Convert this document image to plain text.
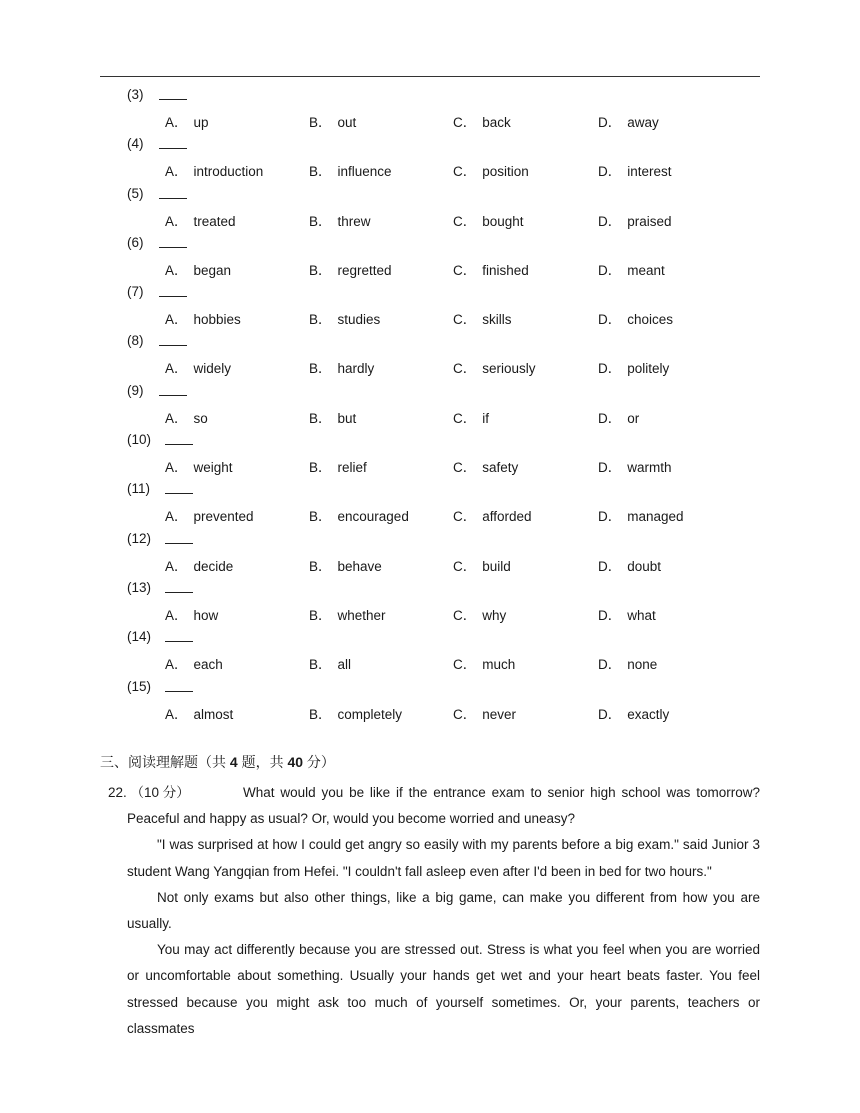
(3)
A． up	B． out	C． back	D． away
(4)
A． introduction	B． influence	C． position	D． interest
(5)
A． treated	B． threw	C． bought	D． praised
(6)
A． began	B． regretted	C． finished	D． meant
(7)
A． hobbies	B． studies	C． skills	D． choices
(8)
A． widely	B． hardly	C． seriously	D． politely
(9)
A． so	B． but	C． if	D． or
(10)
A． weight	B． relief	C． safety	D． warmth
(11)
A． prevented	B． encouraged	C． afforded	D． managed
(12)
A． decide	B． behave	C． build	D． doubt
(13)
A． how	B． whether	C． why	D． what
(14)
A． each	B． all	C． much	D． none
(15)
A． almost	B． completely	C． never	D． exactly
三、阅读理解题（共 4 题，共 40 分）
22. （10 分）	What would you be like if the entrance exam to senior high school was tomorrow? Peaceful and happy as usual? Or, would you become worried and uneasy?

"I was surprised at how I could get angry so easily with my parents before a big exam." said Junior 3 student Wang Yangqian from Hefei. "I couldn't fall asleep even after I'd been in bed for two hours."

Not only exams but also other things, like a big game, can make you different from how you are usually.

You may act differently because you are stressed out. Stress is what you feel when you are worried or uncomfortable about something. Usually your hands get wet and your heart beats faster. You feel stressed because you might ask too much of yourself sometimes. Or, your parents, teachers or classmates
